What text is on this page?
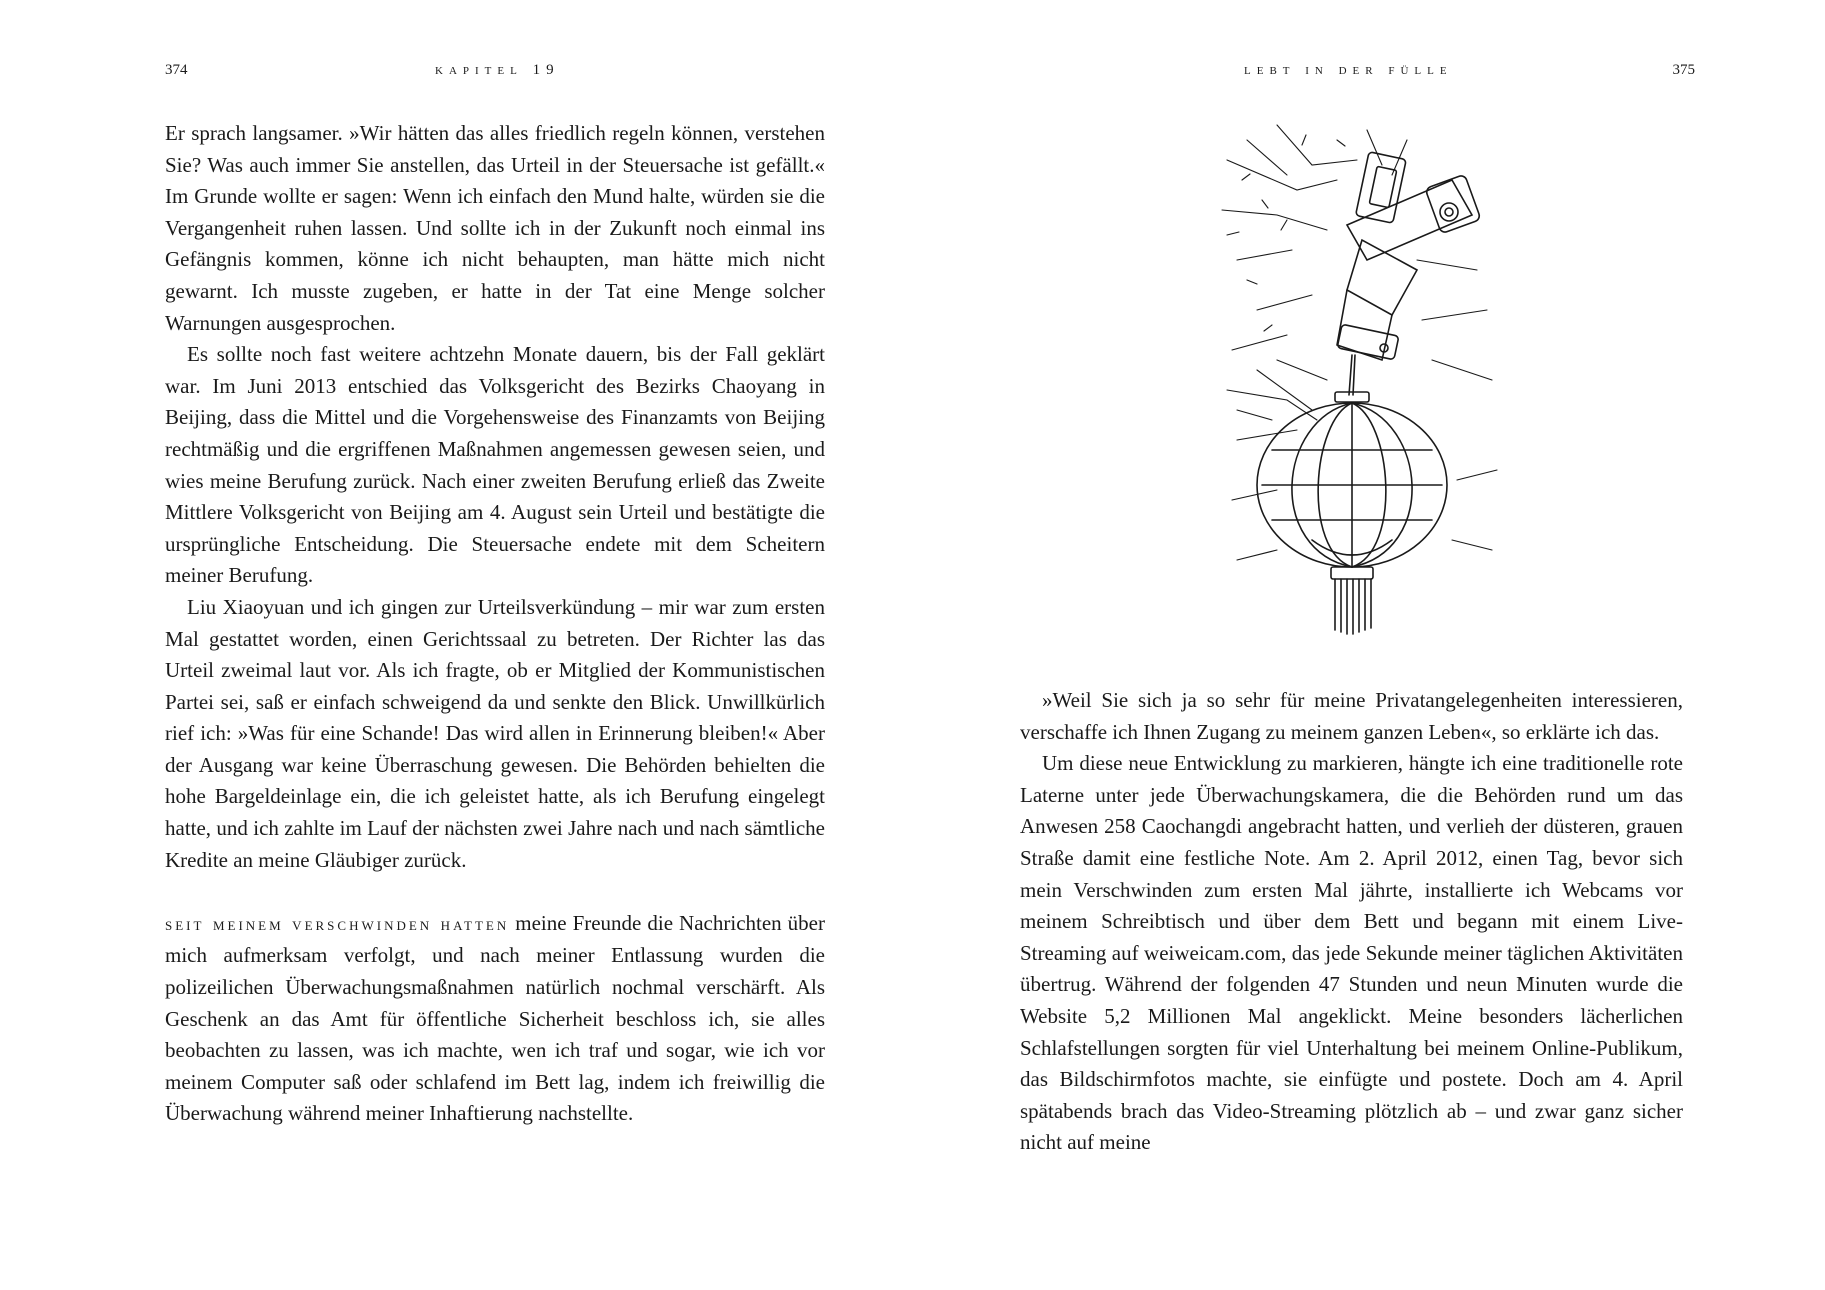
374	kapitel 19

Er sprach langsamer. »Wir hätten das alles friedlich regeln können, verstehen Sie? Was auch immer Sie anstellen, das Urteil in der Steuersache ist gefällt.« Im Grunde wollte er sagen: Wenn ich einfach den Mund halte, würden sie die Vergangenheit ruhen lassen. Und sollte ich in der Zukunft noch einmal ins Gefängnis kommen, könne ich nicht behaupten, man hätte mich nicht gewarnt. Ich musste zugeben, er hatte in der Tat eine Menge solcher Warnungen ausgesprochen.

Es sollte noch fast weitere achtzehn Monate dauern, bis der Fall geklärt war. Im Juni 2013 entschied das Volksgericht des Bezirks Chaoyang in Beijing, dass die Mittel und die Vorgehensweise des Finanzamts von Beijing rechtmäßig und die ergriffenen Maßnahmen angemessen gewesen seien, und wies meine Berufung zurück. Nach einer zweiten Berufung erließ das Zweite Mittlere Volksgericht von Beijing am 4. August sein Urteil und bestätigte die ursprüngliche Entscheidung. Die Steuersache endete mit dem Scheitern meiner Berufung.

Liu Xiaoyuan und ich gingen zur Urteilsverkündung – mir war zum ersten Mal gestattet worden, einen Gerichtssaal zu betreten. Der Richter las das Urteil zweimal laut vor. Als ich fragte, ob er Mitglied der Kommunistischen Partei sei, saß er einfach schweigend da und senkte den Blick. Unwillkürlich rief ich: »Was für eine Schande! Das wird allen in Erinnerung bleiben!« Aber der Ausgang war keine Überraschung gewesen. Die Behörden behielten die hohe Bargeldeinlage ein, die ich geleistet hatte, als ich Berufung eingelegt hatte, und ich zahlte im Lauf der nächsten zwei Jahre nach und nach sämtliche Kredite an meine Gläubiger zurück.

seit meinem verschwinden hatten meine Freunde die Nachrichten über mich aufmerksam verfolgt, und nach meiner Entlassung wurden die polizeilichen Überwachungsmaßnahmen natürlich nochmal verschärft. Als Geschenk an das Amt für öffentliche Sicherheit beschloss ich, sie alles beobachten zu lassen, was ich machte, wen ich traf und sogar, wie ich vor meinem Computer saß oder schlafend im Bett lag, indem ich freiwillig die Überwachung während meiner Inhaftierung nachstellte.

lebt in der fülle	375

»Weil Sie sich ja so sehr für meine Privatangelegenheiten interessieren, verschaffe ich Ihnen Zugang zu meinem ganzen Leben«, so erklärte ich das.

Um diese neue Entwicklung zu markieren, hängte ich eine traditionelle rote Laterne unter jede Überwachungskamera, die die Behörden rund um das Anwesen 258 Caochangdi angebracht hatten, und verlieh der düsteren, grauen Straße damit eine festliche Note. Am 2. April 2012, einen Tag, bevor sich mein Verschwinden zum ersten Mal jährte, installierte ich Webcams vor meinem Schreibtisch und über dem Bett und begann mit einem Live-Streaming auf weiweicam.com, das jede Sekunde meiner täglichen Aktivitäten übertrug. Während der folgenden 47 Stunden und neun Minuten wurde die Website 5,2 Millionen Mal angeklickt. Meine besonders lächerlichen Schlafstellungen sorgten für viel Unterhaltung bei meinem Online-Publikum, das Bildschirmfotos machte, sie einfügte und postete. Doch am 4. April spätabends brach das Video-Streaming plötzlich ab – und zwar ganz sicher nicht auf meine
